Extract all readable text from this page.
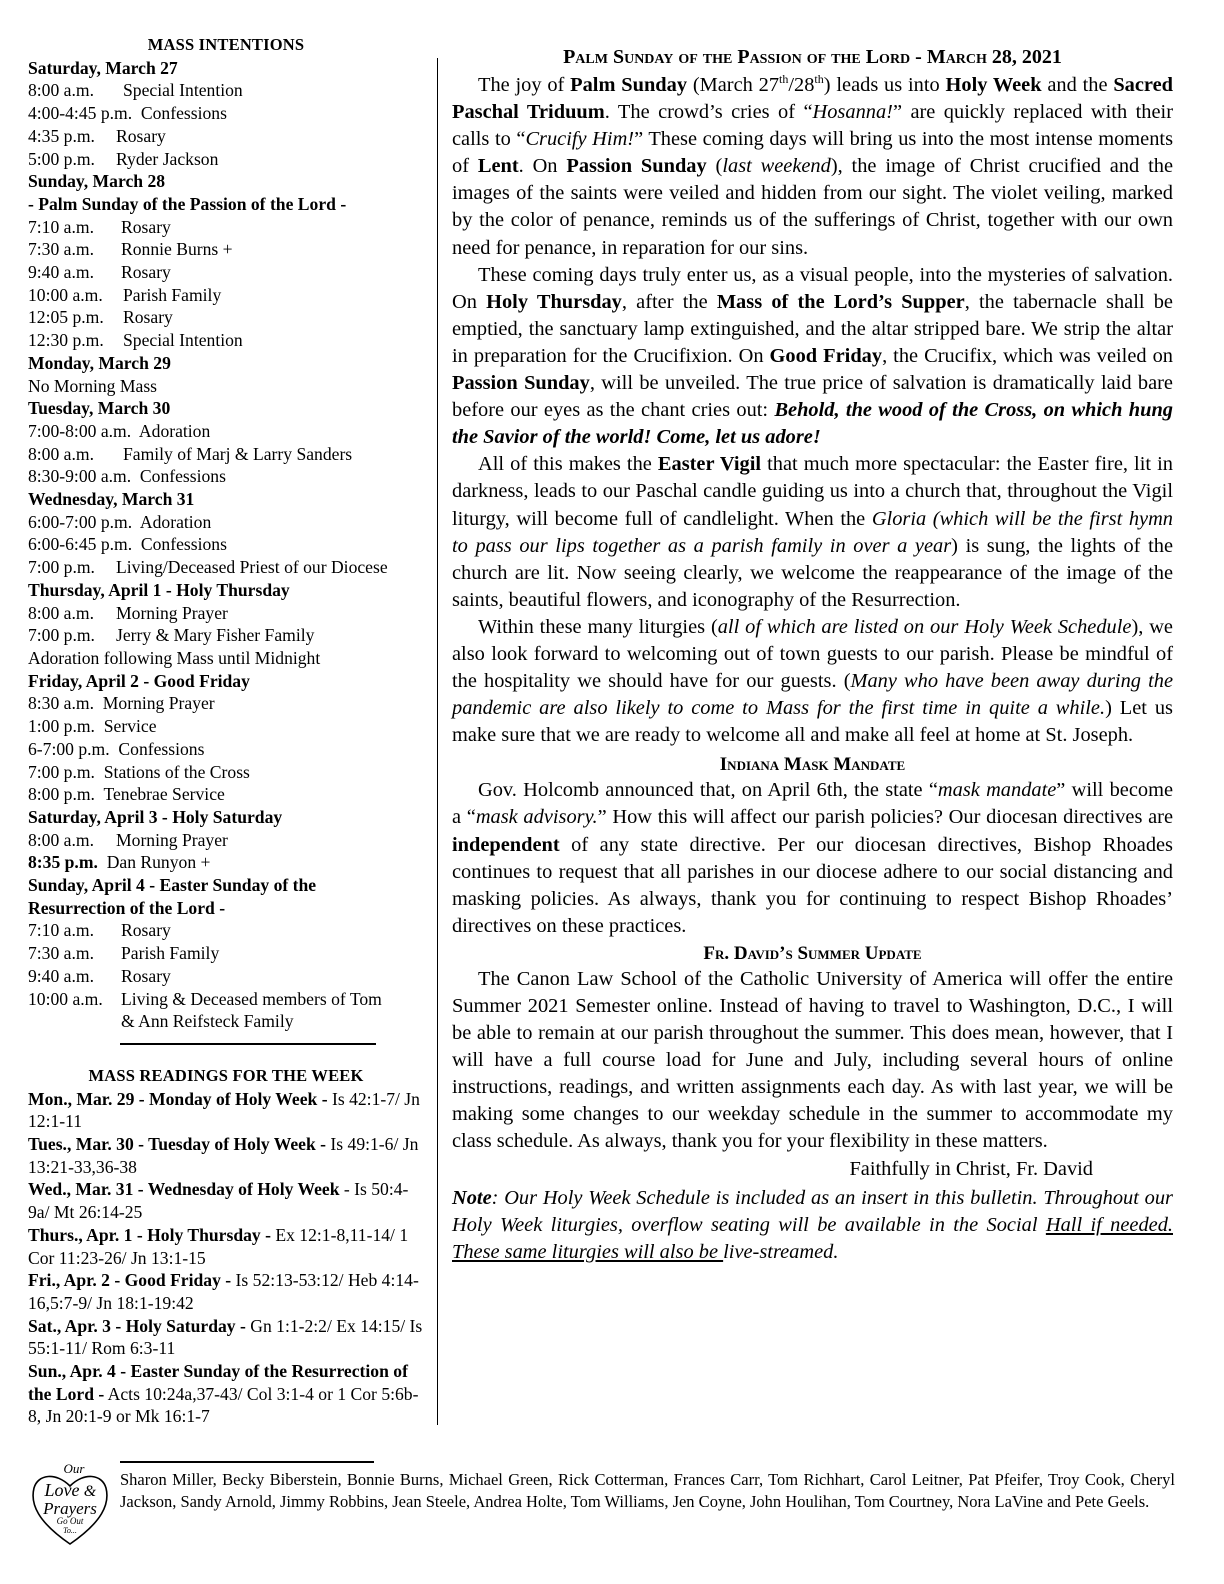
MASS INTENTIONS
Saturday, March 27
8:00 a.m. Special Intention
4:00-4:45 p.m.  Confessions
4:35 p.m. Rosary
5:00 p.m. Ryder Jackson
Sunday, March 28
- Palm Sunday of the Passion of the Lord -
7:10 a.m. Rosary
7:30 a.m. Ronnie Burns +
9:40 a.m. Rosary
10:00 a.m. Parish Family
12:05 p.m. Rosary
12:30 p.m. Special Intention
Monday, March 29
No Morning Mass
Tuesday, March 30
7:00-8:00 a.m.  Adoration
8:00 a.m. Family of Marj & Larry Sanders
8:30-9:00 a.m.  Confessions
Wednesday, March 31
6:00-7:00 p.m.  Adoration
6:00-6:45 p.m.  Confessions
7:00 p.m. Living/Deceased Priest of our Diocese
Thursday, April 1 - Holy Thursday
8:00 a.m. Morning Prayer
7:00 p.m. Jerry & Mary Fisher Family
Adoration following Mass until Midnight
Friday, April 2 - Good Friday
8:30 a.m.  Morning Prayer
1:00 p.m.  Service
6-7:00 p.m.  Confessions
7:00 p.m.  Stations of the Cross
8:00 p.m.  Tenebrae Service
Saturday, April 3 - Holy Saturday
8:00 a.m. Morning Prayer
8:35 p.m.  Dan Runyon +
Sunday, April 4 - Easter Sunday of the
Resurrection of the Lord -
7:10 a.m. Rosary
7:30 a.m. Parish Family
9:40 a.m. Rosary
10:00 a.m. Living & Deceased members of Tom
& Ann Reifsteck Family
MASS READINGS FOR THE WEEK

Mon., Mar. 29 - Monday of Holy Week - Is 42:1-7/ Jn 12:1-11

Tues., Mar. 30 - Tuesday of Holy Week - Is 49:1-6/ Jn 13:21-33,36-38

Wed., Mar. 31 - Wednesday of Holy Week - Is 50:4-9a/ Mt 26:14-25

Thurs., Apr. 1 - Holy Thursday - Ex 12:1-8,11-14/ 1 Cor 11:23-26/ Jn 13:1-15

Fri., Apr. 2 - Good Friday - Is 52:13-53:12/ Heb 4:14-16,5:7-9/ Jn 18:1-19:42

Sat., Apr. 3 - Holy Saturday - Gn 1:1-2:2/ Ex 14:15/ Is 55:1-11/ Rom 6:3-11

Sun., Apr. 4 - Easter Sunday of the Resurrection of the Lord - Acts 10:24a,37-43/ Col 3:1-4 or 1 Cor 5:6b-8, Jn 20:1-9 or Mk 16:1-7

Palm Sunday of the Passion of the Lord - March 28, 2021

The joy of Palm Sunday (March 27th/28th) leads us into Holy Week and the Sacred Paschal Triduum. The crowd’s cries of “Hosanna!” are quickly replaced with their calls to “Crucify Him!” These coming days will bring us into the most intense moments of Lent. On Passion Sunday (last weekend), the image of Christ crucified and the images of the saints were veiled and hidden from our sight. The violet veiling, marked by the color of penance, reminds us of the sufferings of Christ, together with our own need for penance, in reparation for our sins.

These coming days truly enter us, as a visual people, into the mysteries of salvation. On Holy Thursday, after the Mass of the Lord’s Supper, the tabernacle shall be emptied, the sanctuary lamp extinguished, and the altar stripped bare. We strip the altar in preparation for the Crucifixion. On Good Friday, the Crucifix, which was veiled on Passion Sunday, will be unveiled. The true price of salvation is dramatically laid bare before our eyes as the chant cries out: Behold, the wood of the Cross, on which hung the Savior of the world! Come, let us adore!

All of this makes the Easter Vigil that much more spectacular: the Easter fire, lit in darkness, leads to our Paschal candle guiding us into a church that, throughout the Vigil liturgy, will become full of candlelight. When the Gloria (which will be the first hymn to pass our lips together as a parish family in over a year) is sung, the lights of the church are lit. Now seeing clearly, we welcome the reappearance of the image of the saints, beautiful flowers, and iconography of the Resurrection.

Within these many liturgies (all of which are listed on our Holy Week Schedule), we also look forward to welcoming out of town guests to our parish. Please be mindful of the hospitality we should have for our guests. (Many who have been away during the pandemic are also likely to come to Mass for the first time in quite a while.) Let us make sure that we are ready to welcome all and make all feel at home at St. Joseph.

Indiana Mask Mandate

Gov. Holcomb announced that, on April 6th, the state “mask mandate” will become a “mask advisory.” How this will affect our parish policies? Our diocesan directives are independent of any state directive. Per our diocesan directives, Bishop Rhoades continues to request that all parishes in our diocese adhere to our social distancing and masking policies. As always, thank you for continuing to respect Bishop Rhoades’ directives on these practices.

Fr. David’s Summer Update

The Canon Law School of the Catholic University of America will offer the entire Summer 2021 Semester online. Instead of having to travel to Washington, D.C., I will be able to remain at our parish throughout the summer. This does mean, however, that I will have a full course load for June and July, including several hours of online instructions, readings, and written assignments each day. As with last year, we will be making some changes to our weekday schedule in the summer to accommodate my class schedule. As always, thank you for your flexibility in these matters.

Faithfully in Christ, Fr. David

Note: Our Holy Week Schedule is included as an insert in this bulletin. Throughout our Holy Week liturgies, overflow seating will be available in the Social Hall if needed. These same liturgies will also be live-streamed.

Our
Love &
Prayers
Go Out
To...
Sharon Miller, Becky Biberstein, Bonnie Burns, Michael Green, Rick Cotterman, Frances Carr, Tom Richhart, Carol Leitner, Pat Pfeifer, Troy Cook, Cheryl Jackson, Sandy Arnold, Jimmy Robbins, Jean Steele, Andrea Holte, Tom Williams, Jen Coyne, John Houlihan, Tom Courtney, Nora LaVine and Pete Geels.
